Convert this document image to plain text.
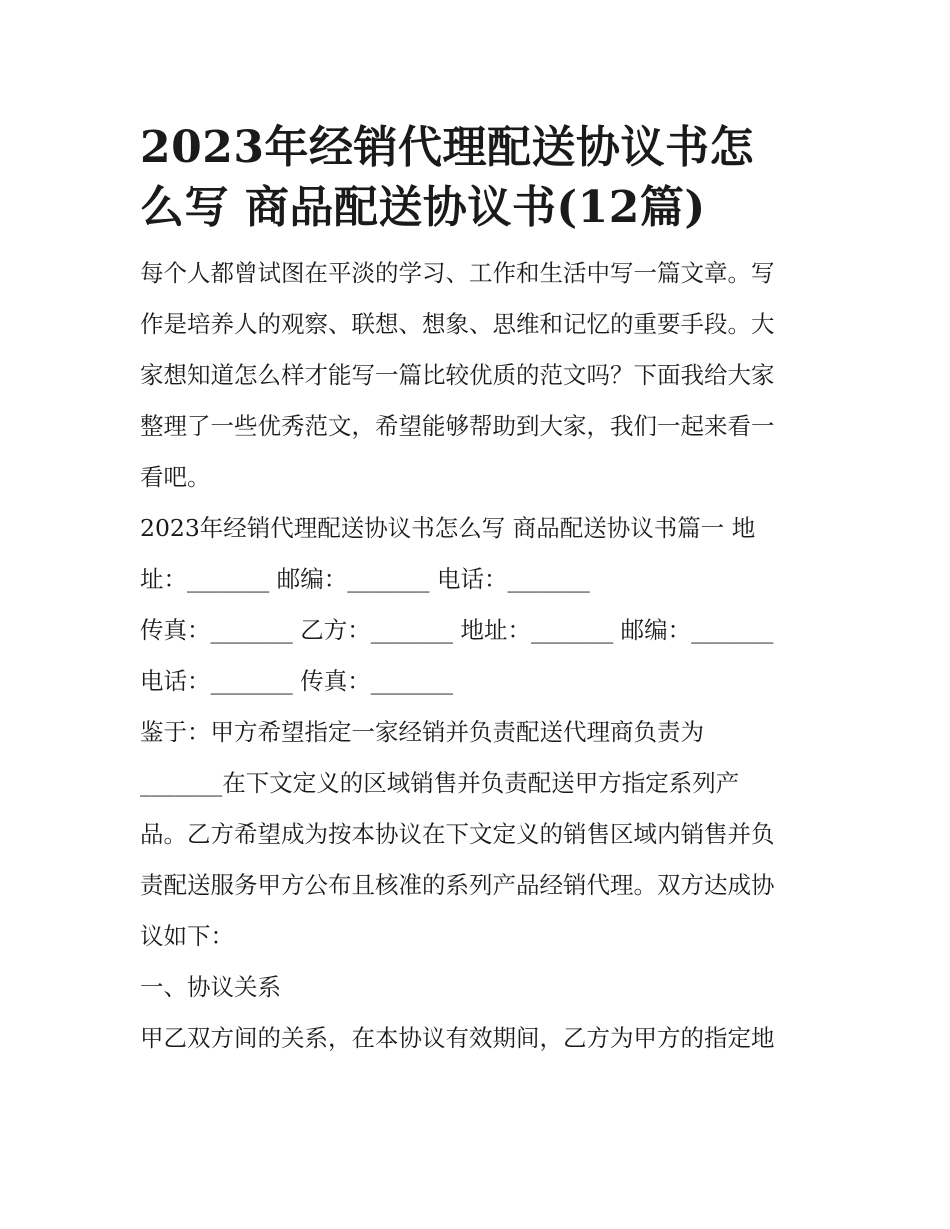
2023年经销代理配送协议书怎
么写 商品配送协议书(12篇)

每个人都曾试图在平淡的学习、工作和生活中写一篇文章。写
作是培养人的观察、联想、想象、思维和记忆的重要手段。大
家想知道怎么样才能写一篇比较优质的范文吗？下面我给大家
整理了一些优秀范文，希望能够帮助到大家，我们一起来看一
看吧。

2023年经销代理配送协议书怎么写 商品配送协议书篇一 地
址：_______ 邮编：_______ 电话：_______

传真：_______ 乙方：_______ 地址：_______ 邮编：_______
电话：_______ 传真：_______

鉴于：甲方希望指定一家经销并负责配送代理商负责为
_______在下文定义的区域销售并负责配送甲方指定系列产
品。乙方希望成为按本协议在下文定义的销售区域内销售并负
责配送服务甲方公布且核准的系列产品经销代理。双方达成协
议如下：

一、协议关系

甲乙双方间的关系，在本协议有效期间，乙方为甲方的指定地
